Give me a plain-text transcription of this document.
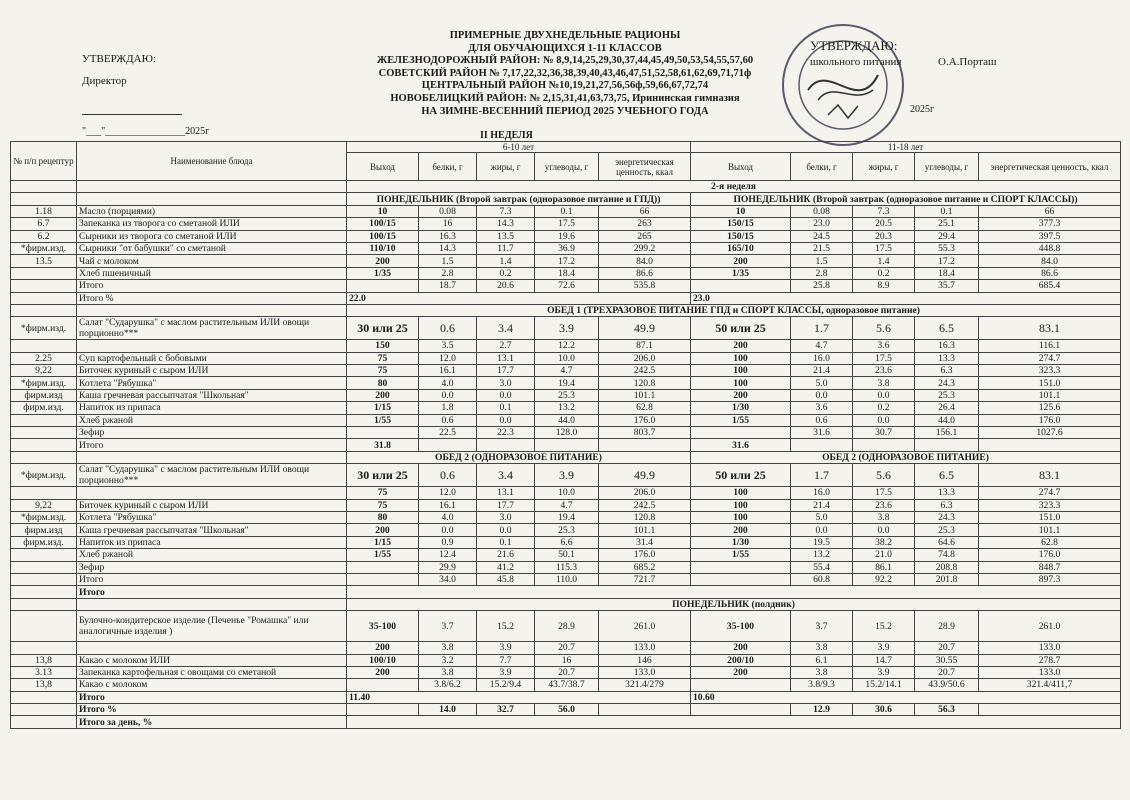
УТВЕРЖДАЮ:
Директор

"___"________________2025г
ПРИМЕРНЫЕ ДВУХНЕДЕЛЬНЫЕ РАЦИОНЫ
ДЛЯ ОБУЧАЮЩИХСЯ 1-11 КЛАССОВ
ЖЕЛЕЗНОДОРОЖНЫЙ РАЙОН: № 8,9,14,25,29,30,37,44,45,49,50,53,54,55,57,60
СОВЕТСКИЙ РАЙОН № 7,17,22,32,36,38,39,40,43,46,47,51,52,58,61,62,69,71,71ф
ЦЕНТРАЛЬНЫЙ РАЙОН №10,19,21,27,56,56ф,59,66,67,72,74
НОВОБЕЛИЦКИЙ РАЙОН: № 2,15,31,41,63,73,75, Ирининская гимназия
НА ЗИМНЕ-ВЕСЕННИЙ ПЕРИОД 2025 УЧЕБНОГО ГОДА
II НЕДЕЛЯ
УТВЕРЖДАЮ:
школьного питания	О.А.Порташ
2025г
№ п/п рецептур	Наименование блюда	6-10 лет					11-18 лет				
		Выход	белки, г	жиры, г	углеводы, г	энергетическая ценность, ккал	Выход	белки, г	жиры, г	углеводы, г	энергетическая ценность, ккал
		2-я неделя									
		ПОНЕДЕЛЬНИК (Второй завтрак (одноразовое питание и ГПД))					ПОНЕДЕЛЬНИК (Второй завтрак (одноразовое питание и СПОРТ КЛАССЫ))				
1.18	Масло (порциями)	10	0.08	7.3	0.1	66	10	0.08	7.3	0.1	66
6.7	Запеканка из творога со сметаной ИЛИ	100/15	16	14.3	17.5	263	150/15	23.0	20.5	25.1	377.3
6.2	Сырники из творога со сметаной ИЛИ	100/15	16.3	13.5	19.6	265	150/15	24.5	20.3	29.4	397.5
*фирм.изд.	Сырники "от бабушки" со сметаной	110/10	14.3	11.7	36.9	299.2	165/10	21.5	17.5	55.3	448.8
13.5	Чай с молоком	200	1.5	1.4	17.2	84.0	200	1.5	1.4	17.2	84.0
	Хлеб пшеничный	1/35	2.8	0.2	18.4	86.6	1/35	2.8	0.2	18.4	86.6
	Итого		18.7	20.6	72.6	535.8		25.8	8.9	35.7	685.4
	Итого %	22.0					23.0				
		ОБЕД 1 (ТРЕХРАЗОВОЕ ПИТАНИЕ ГПД и СПОРТ КЛАССЫ, одноразовое питание)									
*фирм.изд.	Салат "Сударушка" с маслом растительным ИЛИ овощи порционно***	30 или 25	0.6	3.4	3.9	49.9	50 или 25	1.7	5.6	6.5	83.1
		150	3.5	2.7	12.2	87.1	200	4.7	3.6	16.3	116.1
2.25	Суп картофельный с бобовыми	75	12.0	13.1	10.0	206.0	100	16.0	17.5	13.3	274.7
9,22	Биточек куриный с сыром ИЛИ	75	16.1	17.7	4.7	242.5	100	21.4	23.6	6.3	323.3
*фирм.изд.	Котлета "Рябушка"	80	4.0	3.0	19.4	120.8	100	5.0	3.8	24.3	151.0
фирм.изд	Каша гречневая рассыпчатая "Школьная"	200	0.0	0.0	25.3	101.1	200	0.0	0.0	25.3	101.1
фирм.изд.	Напиток из припаса	1/15	1.8	0.1	13.2	62.8	1/30	3.6	0.2	26.4	125.6
	Хлеб ржаной	1/55	0.6	0.0	44.0	176.0	1/55	0.6	0.0	44.0	176.0
	Зефир		22.5	22.3	128.0	803.7		31.6	30.7	156.1	1027.6
	Итого	31.8					31.6				
		ОБЕД 2 (ОДНОРАЗОВОЕ ПИТАНИЕ)					ОБЕД 2 (ОДНОРАЗОВОЕ ПИТАНИЕ)				
*фирм.изд.	Салат "Сударушка" с маслом растительным ИЛИ овощи порционно***	30 или 25	0.6	3.4	3.9	49.9	50 или 25	1.7	5.6	6.5	83.1
		75	12.0	13.1	10.0	206.0	100	16.0	17.5	13.3	274.7
9,22	Биточек куриный с сыром ИЛИ	75	16.1	17.7	4.7	242.5	100	21.4	23.6	6.3	323.3
*фирм.изд.	Котлета "Рябушка"	80	4.0	3.0	19.4	120.8	100	5.0	3.8	24.3	151.0
фирм.изд	Каша гречневая рассыпчатая "Школьная"	200	0.0	0.0	25.3	101.1	200	0.0	0.0	25.3	101.1
фирм.изд.	Напиток из припаса	1/15	0.9	0.1	6.6	31.4	1/30	19.5	38.2	64.6	62.8
	Хлеб ржаной	1/55	12.4	21.6	50.1	176.0	1/55	13.2	21.0	74.8	176.0
	Зефир		29.9	41.2	115.3	685.2		55.4	86.1	208.8	848.7
	Итого		34.0	45.8	110.0	721.7		60.8	92.2	201.8	897.3
	Итого										
		ПОНЕДЕЛЬНИК (полдник)									
	Булочно-кондитерское изделие (Печенье "Ромашка" или аналогичные изделия )	35-100	3.7	15.2	28.9	261.0	35-100	3.7	15.2	28.9	261.0
		200	3.8	3.9	20.7	133.0	200	3.8	3.9	20.7	133.0
13,8	Какао с молоком ИЛИ	100/10	3.2	7.7	16	146	200/10	6.1	14.7	30.55	278.7
3.13	Запеканка картофельная с овощами со сметаной	200	3.8	3.9	20.7	133.0	200	3.8	3.9	20.7	133.0
13,8	Какао с молоком		3.8/6.2	15.2/9.4	43.7/38.7	321.4/279		3.8/9.3	15.2/14.1	43.9/50.6	321.4/411,7
	Итого	11.40					10.60				
	Итого %		14.0	32.7	56.0			12.9	30.6	56.3	
	Итого за день, %										
